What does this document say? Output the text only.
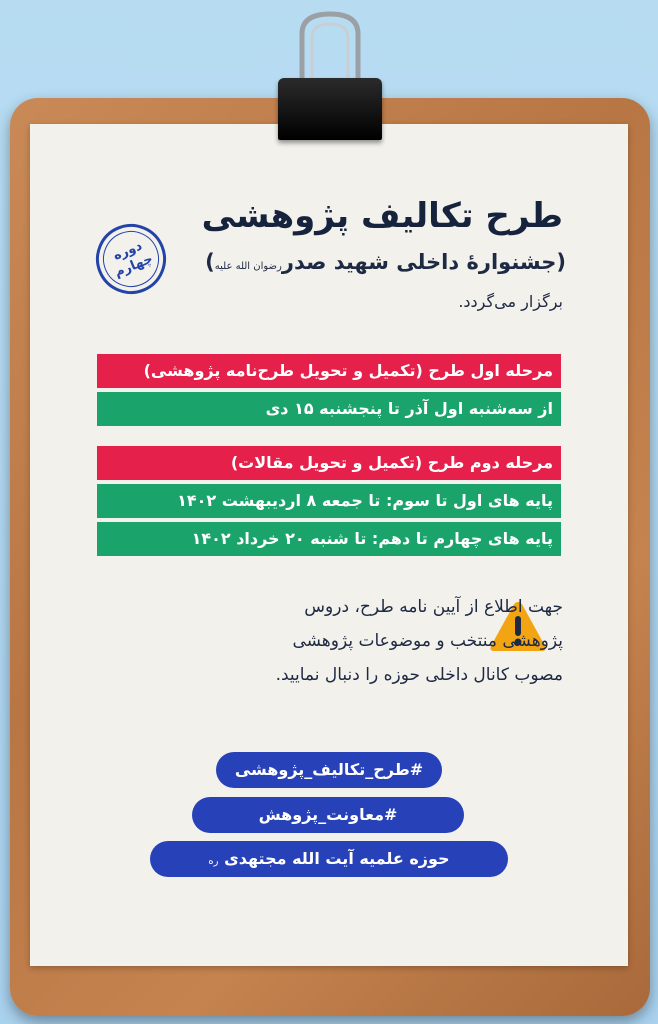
دوره چهارم
طرح تکالیف پژوهشی
(جشنوارۀ داخلی شهید صدررضوان الله علیه)
برگزار می‌گردد.
مرحله اول طرح (تکمیل و تحویل طرح‌نامه پژوهشی)
از سه‌شنبه اول آذر تا پنجشنبه ۱۵ دی
مرحله دوم طرح (تکمیل و تحویل مقالات)
پایه های اول تا سوم: تا جمعه ۸ اردیبهشت ۱۴۰۲
پایه های چهارم تا دهم: تا شنبه ۲۰ خرداد ۱۴۰۲
جهت اطلاع از آیین نامه طرح، دروس
پژوهشی منتخب و موضوعات پژوهشی
مصوب کانال داخلی حوزه را دنبال نمایید.
#طرح_تکالیف_پژوهشی
#معاونت_پژوهش
حوزه علمیه آیت الله مجتهدی ره
